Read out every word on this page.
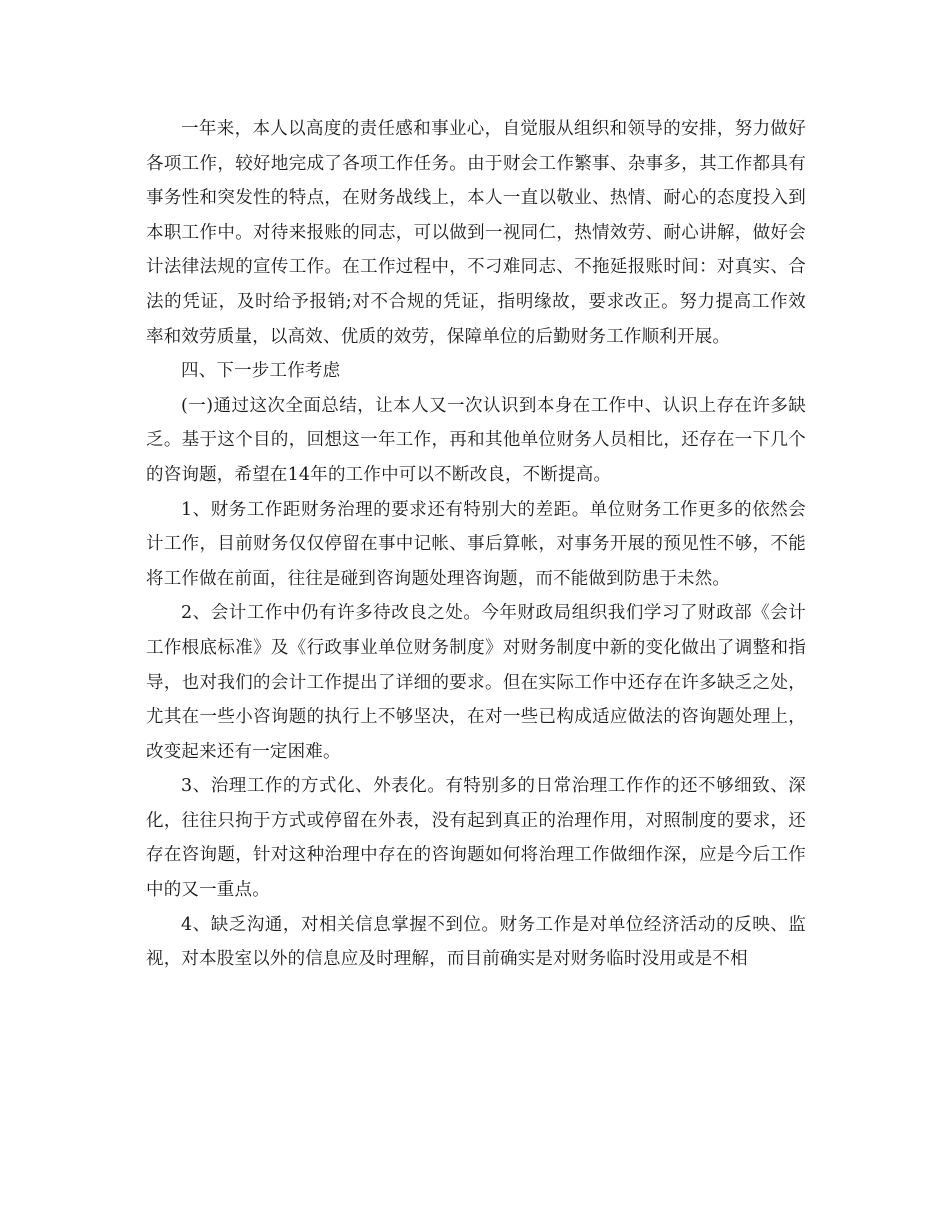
一年来，本人以高度的责任感和事业心，自觉服从组织和领导的安排，努力做好各项工作，较好地完成了各项工作任务。由于财会工作繁事、杂事多，其工作都具有事务性和突发性的特点，在财务战线上，本人一直以敬业、热情、耐心的态度投入到本职工作中。对待来报账的同志，可以做到一视同仁，热情效劳、耐心讲解，做好会计法律法规的宣传工作。在工作过程中，不刁难同志、不拖延报账时间：对真实、合法的凭证，及时给予报销;对不合规的凭证，指明缘故，要求改正。努力提高工作效率和效劳质量，以高效、优质的效劳，保障单位的后勤财务工作顺利开展。

四、下一步工作考虑

(一)通过这次全面总结，让本人又一次认识到本身在工作中、认识上存在许多缺乏。基于这个目的，回想这一年工作，再和其他单位财务人员相比，还存在一下几个的咨询题，希望在14年的工作中可以不断改良，不断提高。

1、财务工作距财务治理的要求还有特别大的差距。单位财务工作更多的依然会计工作，目前财务仅仅停留在事中记帐、事后算帐，对事务开展的预见性不够，不能将工作做在前面，往往是碰到咨询题处理咨询题，而不能做到防患于未然。

2、会计工作中仍有许多待改良之处。今年财政局组织我们学习了财政部《会计工作根底标准》及《行政事业单位财务制度》对财务制度中新的变化做出了调整和指导，也对我们的会计工作提出了详细的要求。但在实际工作中还存在许多缺乏之处，尤其在一些小咨询题的执行上不够坚决，在对一些已构成适应做法的咨询题处理上，改变起来还有一定困难。

3、治理工作的方式化、外表化。有特别多的日常治理工作作的还不够细致、深化，往往只拘于方式或停留在外表，没有起到真正的治理作用，对照制度的要求，还存在咨询题，针对这种治理中存在的咨询题如何将治理工作做细作深，应是今后工作中的又一重点。

4、缺乏沟通，对相关信息掌握不到位。财务工作是对单位经济活动的反映、监视，对本股室以外的信息应及时理解，而目前确实是对财务临时没用或是不相
